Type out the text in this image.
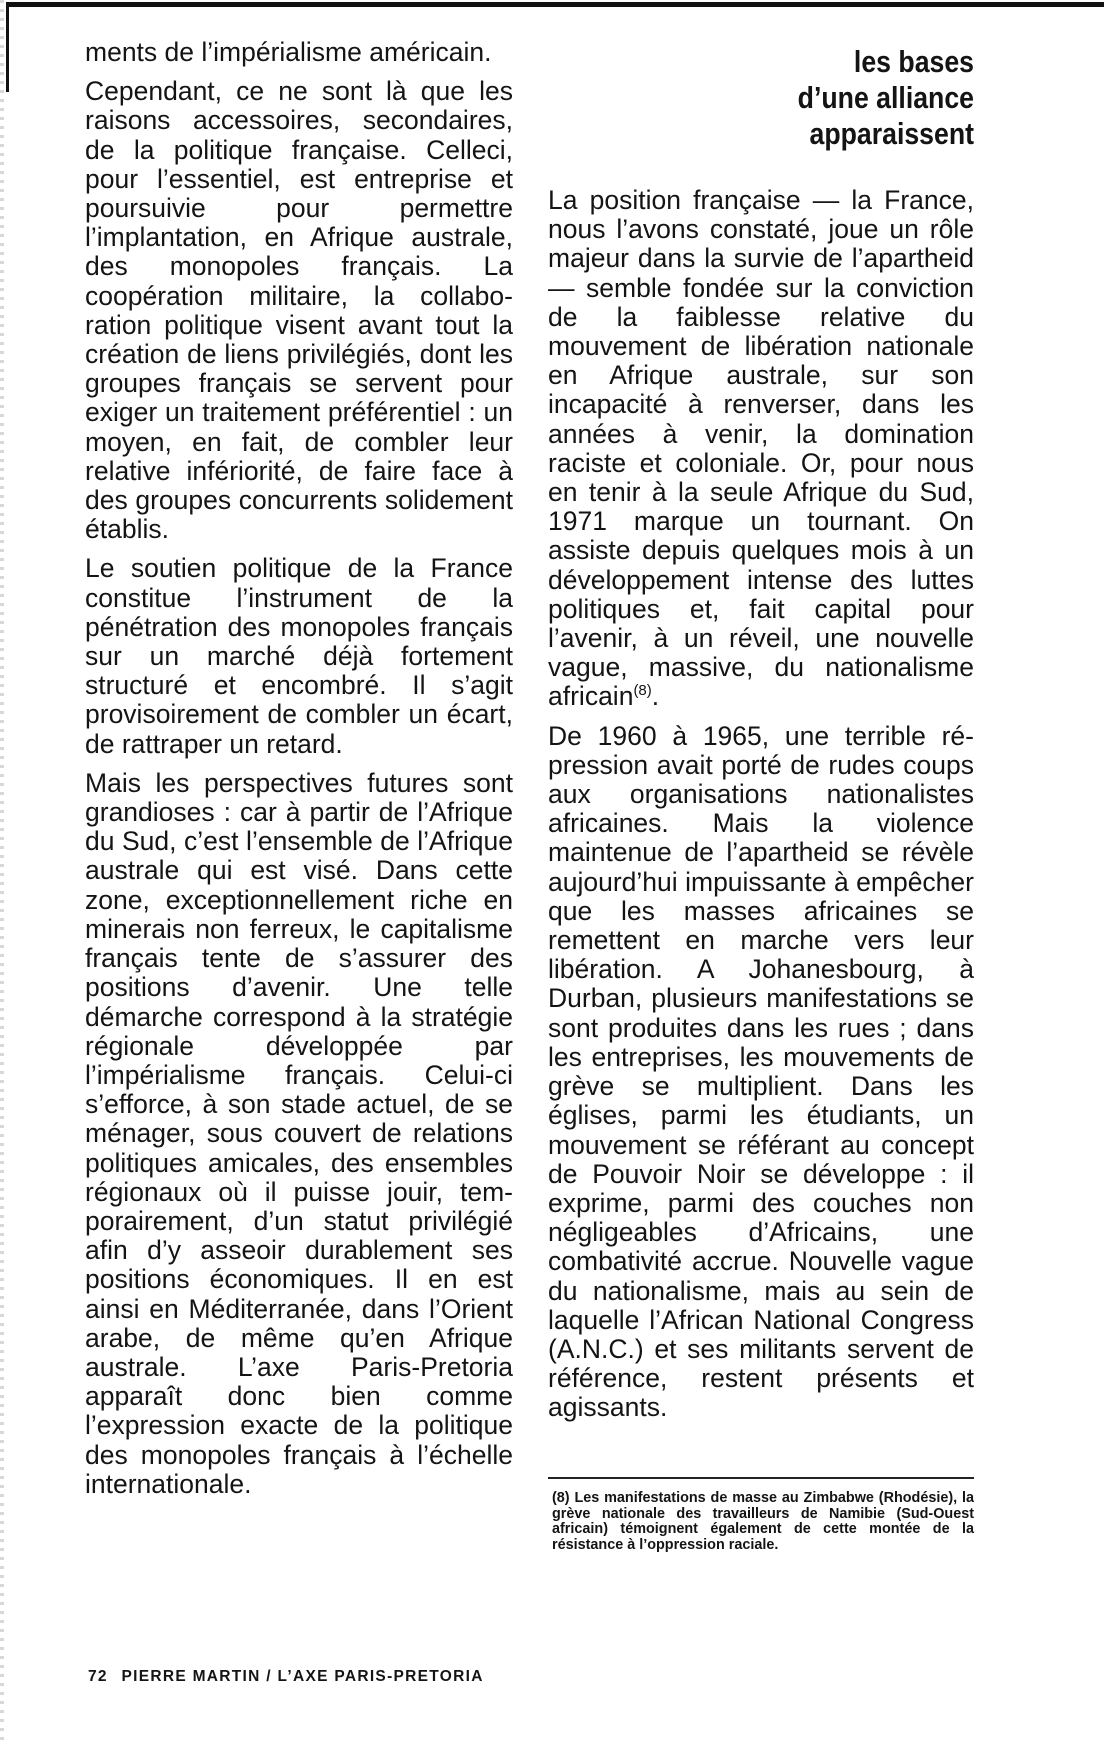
ments de l’impérialisme américain.

Cependant, ce ne sont là que les raisons accessoires, secondaires, de la politique française. Celleci, pour l’essentiel, est entreprise et poursuivie pour permettre l’implantation, en Afrique australe, des monopoles français. La coopération militaire, la collaboration politique visent avant tout la création de liens privilégiés, dont les groupes français se servent pour exiger un traitement préférentiel : un moyen, en fait, de combler leur relative infériorité, de faire face à des groupes concurrents solidement établis.

Le soutien politique de la France constitue l’instrument de la pénétration des monopoles français sur un marché déjà fortement structuré et encombré. Il s’agit provisoirement de combler un écart, de rattraper un retard.

Mais les perspectives futures sont grandioses : car à partir de l’Afrique du Sud, c’est l’ensemble de l’Afrique australe qui est visé. Dans cette zone, exceptionnellement riche en minerais non ferreux, le capitalisme français tente de s’assurer des positions d’avenir. Une telle démarche correspond à la stratégie régionale développée par l’impérialisme français. Celui-ci s’efforce, à son stade actuel, de se ménager, sous couvert de relations politiques amicales, des ensembles régionaux où il puisse jouir, temporairement, d’un statut privilégié afin d’y asseoir durablement ses positions économiques. Il en est ainsi en Méditerranée, dans l’Orient arabe, de même qu’en Afrique australe. L’axe Paris-Pretoria apparaît donc bien comme l’expression exacte de la politique des monopoles français à l’échelle internationale.

les bases
d’une alliance
apparaissent

La position française — la France, nous l’avons constaté, joue un rôle majeur dans la survie de l’apartheid — semble fondée sur la conviction de la faiblesse relative du mouvement de libération nationale en Afrique australe, sur son incapacité à renverser, dans les années à venir, la domination raciste et coloniale. Or, pour nous en tenir à la seule Afrique du Sud, 1971 marque un tournant. On assiste depuis quelques mois à un développement intense des luttes politiques et, fait capital pour l’avenir, à un réveil, une nouvelle vague, massive, du nationalisme africain$^{(8)}$.

De 1960 à 1965, une terrible répression avait porté de rudes coups aux organisations nationalistes africaines. Mais la violence maintenue de l’apartheid se révèle aujourd’hui impuissante à empêcher que les masses africaines se remettent en marche vers leur libération. A Johanesbourg, à Durban, plusieurs manifestations se sont produites dans les rues ; dans les entreprises, les mouvements de grève se multiplient. Dans les églises, parmi les étudiants, un mouvement se référant au concept de Pouvoir Noir se développe : il exprime, parmi des couches non négligeables d’Africains, une combativité accrue. Nouvelle vague du nationalisme, mais au sein de laquelle l’African National Congress (A.N.C.) et ses militants servent de référence, restent présents et agissants.

(8) Les manifestations de masse au Zimbabwe (Rhodésie), la grève nationale des travailleurs de Namibie (Sud-Ouest africain) témoignent également de cette montée de la résistance à l’oppression raciale.
72 PIERRE MARTIN / L’AXE PARIS-PRETORIA
